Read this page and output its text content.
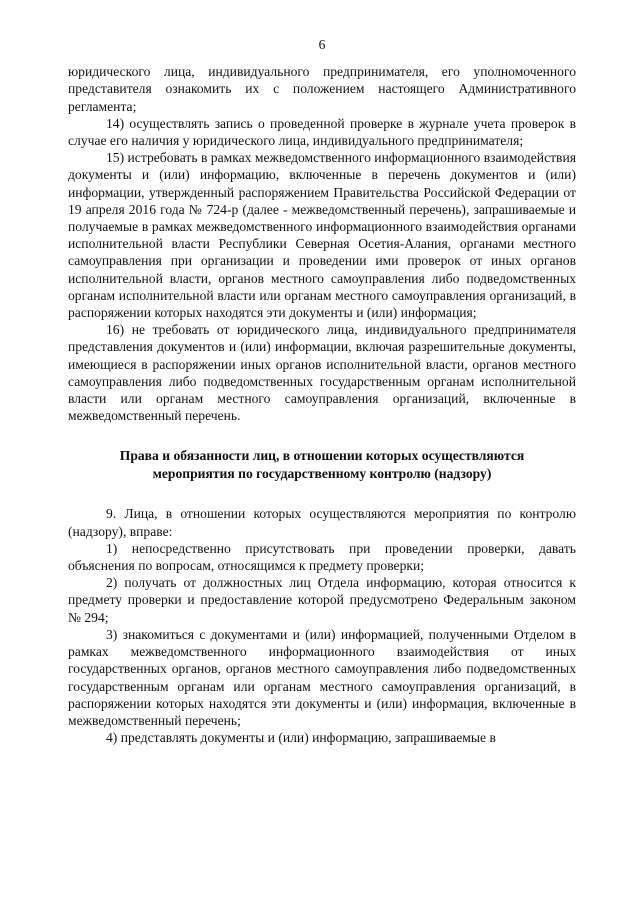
6

юридического лица, индивидуального предпринимателя, его уполномоченного представителя ознакомить их с положением настоящего Административного регламента;

14) осуществлять запись о проведенной проверке в журнале учета проверок в случае его наличия у юридического лица, индивидуального предпринимателя;

15) истребовать в рамках межведомственного информационного взаимодействия документы и (или) информацию, включенные в перечень документов и (или) информации, утвержденный распоряжением Правительства Российской Федерации от 19 апреля 2016 года № 724-р (далее - межведомственный перечень), запрашиваемые и получаемые в рамках межведомственного информационного взаимодействия органами исполнительной власти Республики Северная Осетия-Алания, органами местного самоуправления при организации и проведении ими проверок от иных органов исполнительной власти, органов местного самоуправления либо подведомственных органам исполнительной власти или органам местного самоуправления организаций, в распоряжении которых находятся эти документы и (или) информация;

16) не требовать от юридического лица, индивидуального предпринимателя представления документов и (или) информации, включая разрешительные документы, имеющиеся в распоряжении иных органов исполнительной власти, органов местного самоуправления либо подведомственных государственным органам исполнительной власти или органам местного самоуправления организаций, включенные в межведомственный перечень.

Права и обязанности лиц, в отношении которых осуществляются
мероприятия по государственному контролю (надзору)

9. Лица, в отношении которых осуществляются мероприятия по контролю (надзору), вправе:

1) непосредственно присутствовать при проведении проверки, давать объяснения по вопросам, относящимся к предмету проверки;

2) получать от должностных лиц Отдела информацию, которая относится к предмету проверки и предоставление которой предусмотрено Федеральным законом № 294;

3) знакомиться с документами и (или) информацией, полученными Отделом в рамках межведомственного информационного взаимодействия от иных государственных органов, органов местного самоуправления либо подведомственных государственным органам или органам местного самоуправления организаций, в распоряжении которых находятся эти документы и (или) информация, включенные в межведомственный перечень;

4) представлять документы и (или) информацию, запрашиваемые в
